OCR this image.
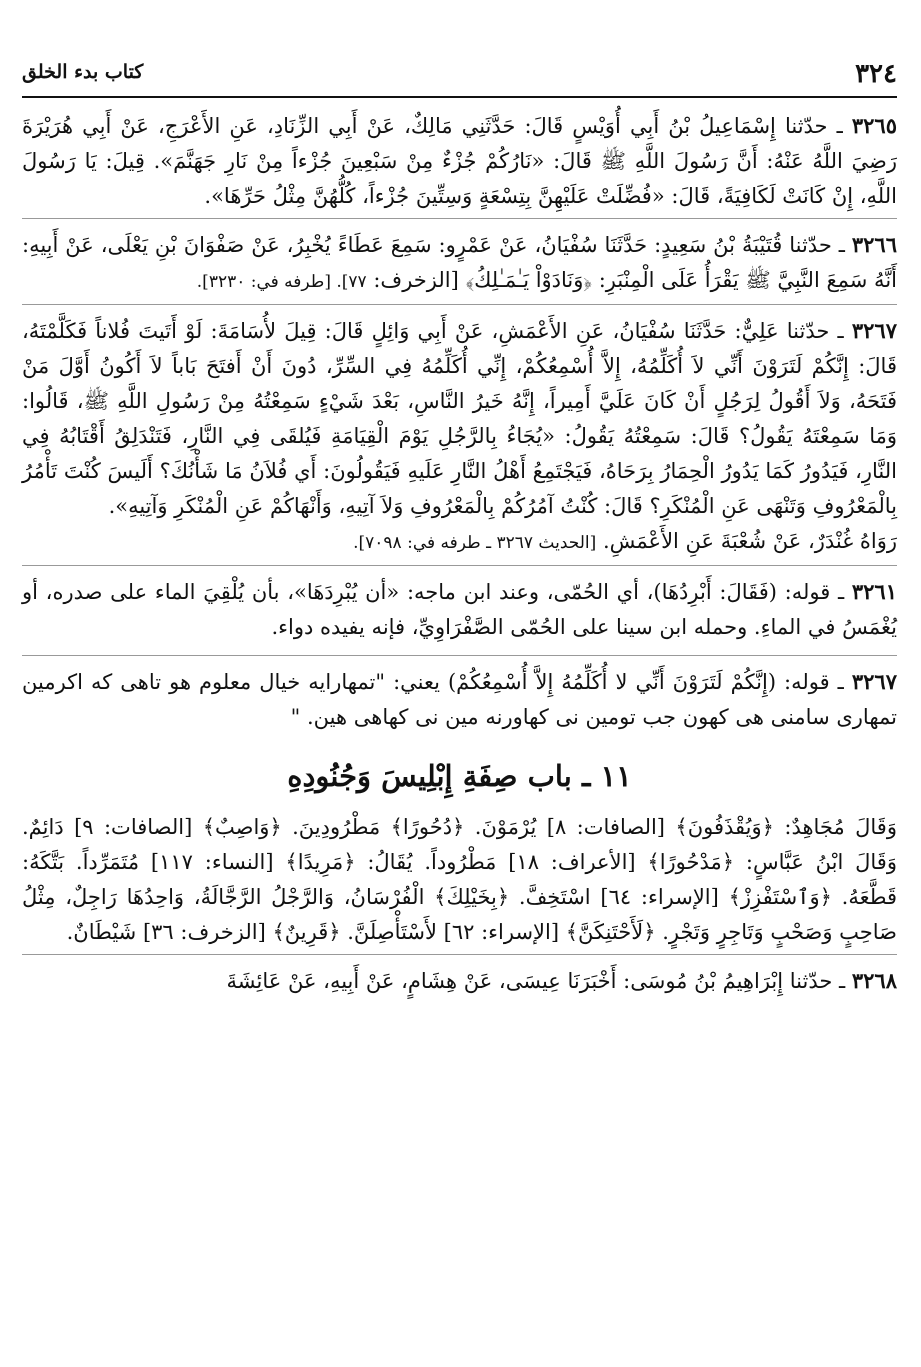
٣٢٤
كتاب بدء الخلق

٣٢٦٥ ـ حدّثنا إِسْمَاعِيلُ بْنُ أَبِي أُوَيْسٍ قَالَ: حَدَّثَنِي مَالِكٌ، عَنْ أَبِي الزِّنَادِ، عَنِ الأَعْرَجِ، عَنْ أَبِي هُرَيْرَةَ رَضِيَ اللَّهُ عَنْهُ: أَنَّ رَسُولَ اللَّهِ ﷺ قَالَ: «نَارُكُمْ جُزْءٌ مِنْ سَبْعِينَ جُزْءاً مِنْ نَارِ جَهَنَّمَ». قِيلَ: يَا رَسُولَ اللَّهِ، إِنْ كَانَتْ لَكَافِيَةً، قَالَ: «فُضِّلَتْ عَلَيْهِنَّ بِتِسْعَةٍ وَسِتِّينَ جُزْءاً، كُلُّهُنَّ مِثْلُ حَرِّهَا».

٣٢٦٦ ـ حدّثنا قُتَيْبَةُ بْنُ سَعِيدٍ: حَدَّثَنَا سُفْيَانُ، عَنْ عَمْرٍو: سَمِعَ عَطَاءً يُخْبِرُ، عَنْ صَفْوَانَ بْنِ يَعْلَى، عَنْ أَبِيهِ: أَنَّهُ سَمِعَ النَّبِيَّ ﷺ يَقْرَأُ عَلَى الْمِنْبَرِ: ﴿وَنَادَوْاْ يَـٰمَـٰلِكُ﴾ [الزخرف: ٧٧]. [طرفه في: ٣٢٣٠].

٣٢٦٧ ـ حدّثنا عَلِيٌّ: حَدَّثَنَا سُفْيَانُ، عَنِ الأَعْمَشِ، عَنْ أَبِي وَائِلٍ قَالَ: قِيلَ لأُسَامَةَ: لَوْ أَتَيتَ فُلاناً فَكَلَّمْتَهُ، قَالَ: إِنَّكُمْ لَتَرَوْنَ أَنِّي لاَ أُكَلِّمُهُ، إِلاَّ أُسْمِعُكُمْ، إِنِّي أُكَلِّمُهُ فِي السِّرِّ، دُونَ أَنْ أَفتَحَ بَاباً لاَ أَكُونُ أَوَّلَ مَنْ فَتَحَهُ، وَلاَ أَقُولُ لِرَجُلٍ أَنْ كَانَ عَلَيَّ أَمِيراً، إِنَّهُ خَيرُ النَّاسِ، بَعْدَ شَيْءٍ سَمِعْتُهُ مِنْ رَسُولِ اللَّهِ ﷺ، قَالُوا: وَمَا سَمِعْتَهُ يَقُولُ؟ قَالَ: سَمِعْتُهُ يَقُولُ: «يُجَاءُ بِالرَّجُلِ يَوْمَ الْقِيَامَةِ فَيُلقَى فِي النَّارِ، فَتَنْدَلِقُ أَقْتَابُهُ فِي النَّارِ، فَيَدُورُ كَمَا يَدُورُ الْحِمَارُ بِرَحَاهُ، فَيَجْتَمِعُ أَهْلُ النَّارِ عَلَيهِ فَيَقُولُونَ: أَي فُلاَنُ مَا شَأْنُكَ؟ أَلَيسَ كُنْتَ تَأْمُرُ بِالْمَعْرُوفِ وَتَنْهَى عَنِ الْمُنْكَرِ؟ قَالَ: كُنْتُ آمُرُكُمْ بِالْمَعْرُوفِ وَلاَ آتِيهِ، وَأَنْهَاكُمْ عَنِ الْمُنْكَرِ وَآتِيهِ».

رَوَاهُ غُنْدَرٌ، عَنْ شُعْبَةَ عَنِ الأَعْمَشِ. [الحديث ٣٢٦٧ ـ طرفه في: ٧٠٩٨].

٣٢٦١ ـ قوله: (فَقَالَ: أَبْرِدُهَا)، أي الحُمّى، وعند ابن ماجه: «أن يُبْرِدَهَا»، بأن يُلْقِيَ الماء على صدره، أو يُغْمَسُ في الماءِ. وحمله ابن سينا على الحُمّى الصَّفْرَاوِيِّ، فإنه يفيده دواء.

٣٢٦٧ ـ قوله: (إِنَّكُمْ لَتَرَوْنَ أَنِّي لا أُكَلِّمُهُ إِلاَّ أُسْمِعُكُمْ) يعني: "تمهارايه خيال معلوم هو تاهى كه اكرمين تمهارى سامنى هى كهون جب تومين نى كهاورنه مين نى كهاهى هين. "

١١ ـ باب صِفَةِ إِبْلِيسَ وَجُنُودِهِ

وَقَالَ مُجَاهِدٌ: ﴿وَيُقْذَفُونَ﴾ [الصافات: ٨] يُرْمَوْنَ. ﴿دُحُورًا﴾ مَطْرُودِينَ. ﴿وَاصِبٌ﴾ [الصافات: ٩] دَائِمٌ. وَقَالَ ابْنُ عَبَّاسٍ: ﴿مَدْحُورًا﴾ [الأعراف: ١٨] مَطْرُوداً. يُقَالُ: ﴿مَرِيدًا﴾ [النساء: ١١٧] مُتَمَرِّداً. بَتَّكَهُ: قَطَّعَهُ. ﴿وَٱسْتَفْزِزْ﴾ [الإسراء: ٦٤] اسْتَخِفَّ. ﴿بِخَيْلِكَ﴾ الْفُرْسَانُ، وَالرَّجْلُ الرَّجَّالَةُ، وَاحِدُهَا رَاجِلٌ، مِثْلُ صَاحِبٍ وَصَحْبٍ وَتَاجِرٍ وَتَجْرٍ. ﴿لَأَحْتَنِكَنَّ﴾ [الإسراء: ٦٢] لأَسْتَأْصِلَنَّ. ﴿قَرِينٌ﴾ [الزخرف: ٣٦] شَيْطَانٌ.

٣٢٦٨ ـ حدّثنا إِبْرَاهِيمُ بْنُ مُوسَى: أَخْبَرَنَا عِيسَى، عَنْ هِشَامٍ، عَنْ أَبِيهِ، عَنْ عَائِشَةَ
